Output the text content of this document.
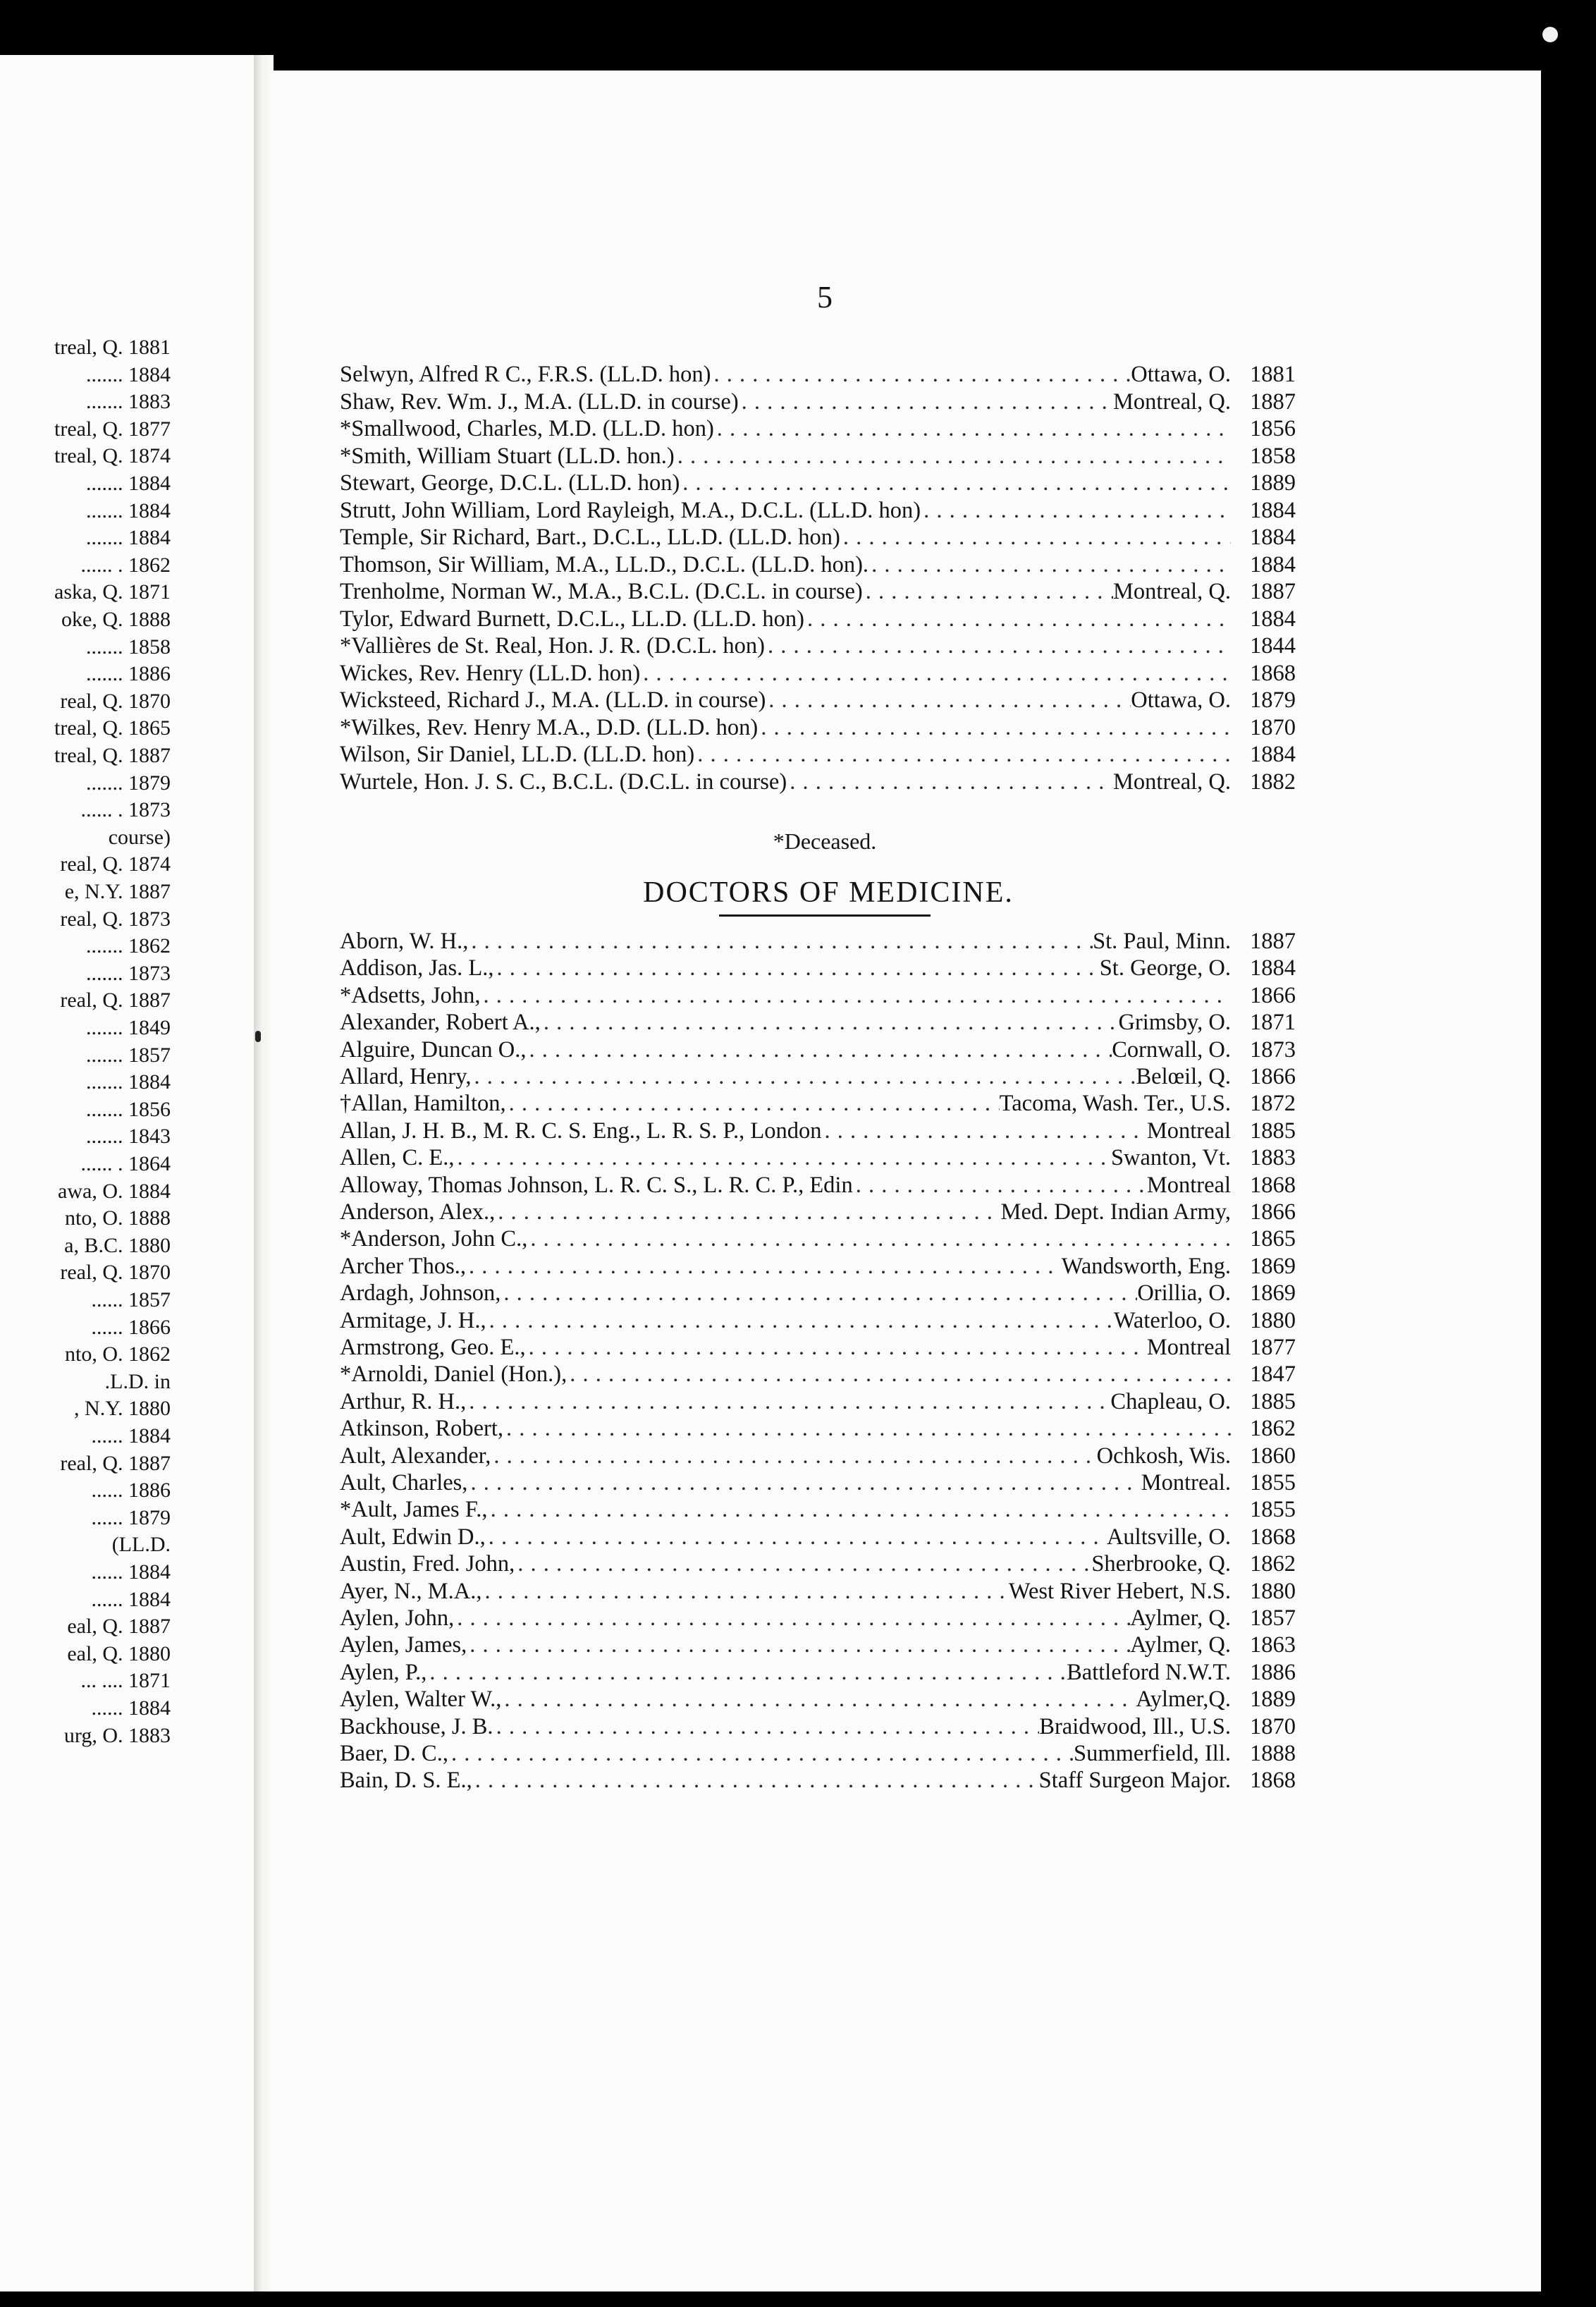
treal, Q. 1881
....... 1884
....... 1883
treal, Q. 1877
treal, Q. 1874
....... 1884
....... 1884
....... 1884
...... . 1862
aska, Q. 1871
oke, Q. 1888
....... 1858
....... 1886
real, Q. 1870
treal, Q. 1865
treal, Q. 1887
....... 1879
...... . 1873
course)
real, Q. 1874
e, N.Y. 1887
real, Q. 1873
....... 1862
....... 1873
real, Q. 1887
....... 1849
....... 1857
....... 1884
....... 1856
....... 1843
...... . 1864
awa, O. 1884
nto, O. 1888
a, B.C. 1880
real, Q. 1870
...... 1857
...... 1866
nto, O. 1862
.L.D. in
, N.Y. 1880
...... 1884
real, Q. 1887
...... 1886
...... 1879
(LL.D.
...... 1884
...... 1884
eal, Q. 1887
eal, Q. 1880
... .... 1871
...... 1884
urg, O. 1883
5
Selwyn, Alfred R C., F.R.S. (LL.D. hon) . . .	Ottawa, O. 1881
Shaw, Rev. Wm. J., M.A. (LL.D. in course) . . .	Montreal, Q. 1887
*Smallwood, Charles, M.D. (LL.D. hon) . . .	1856
*Smith, William Stuart (LL.D. hon.) . . .	1858
Stewart, George, D.C.L. (LL.D. hon) . . .	1889
Strutt, John William, Lord Rayleigh, M.A., D.C.L. (LL.D. hon) . . .	1884
Temple, Sir Richard, Bart., D.C.L., LL.D. (LL.D. hon) . . .	1884
Thomson, Sir William, M.A., LL.D., D.C.L. (LL.D. hon). . . .	1884
Trenholme, Norman W., M.A., B.C.L. (D.C.L. in course) . . .	Montreal, Q. 1887
Tylor, Edward Burnett, D.C.L., LL.D. (LL.D. hon) . . .	1884
*Vallières de St. Real, Hon. J. R. (D.C.L. hon) . . .	1844
Wickes, Rev. Henry (LL.D. hon) . . .	1868
Wicksteed, Richard J., M.A. (LL.D. in course) . . .	Ottawa, O. 1879
*Wilkes, Rev. Henry M.A., D.D. (LL.D. hon) . . .	1870
Wilson, Sir Daniel, LL.D. (LL.D. hon) . . .	1884
Wurtele, Hon. J. S. C., B.C.L. (D.C.L. in course) . . .	Montreal, Q. 1882
*Deceased.
DOCTORS OF MEDICINE.
Aborn, W. H., . . .	St. Paul, Minn. 1887
Addison, Jas. L., . . .	St. George, O. 1884
*Adsetts, John, . . .	1866
Alexander, Robert A., . . .	Grimsby, O. 1871
Alguire, Duncan O., . . .	Cornwall, O. 1873
Allard, Henry, . . .	Belœil, Q. 1866
†Allan, Hamilton, . . .	Tacoma, Wash. Ter., U.S. 1872
Allan, J. H. B., M. R. C. S. Eng., L. R. S. P., London . . .	Montreal 1885
Allen, C. E., . . .	Swanton, Vt. 1883
Alloway, Thomas Johnson, L. R. C. S., L. R. C. P., Edin . . .	Montreal 1868
Anderson, Alex., . . .	Med. Dept. Indian Army, 1866
*Anderson, John C., . . .	1865
Archer Thos., . . .	Wandsworth, Eng. 1869
Ardagh, Johnson, . . .	Orillia, O. 1869
Armitage, J. H., . . .	Waterloo, O. 1880
Armstrong, Geo. E., . . .	Montreal 1877
*Arnoldi, Daniel (Hon.), . . .	1847
Arthur, R. H., . . .	Chapleau, O. 1885
Atkinson, Robert, . . .	1862
Ault, Alexander, . . .	Ochkosh, Wis. 1860
Ault, Charles, . . .	Montreal. 1855
*Ault, James F., . . .	1855
Ault, Edwin D., . . .	Aultsville, O. 1868
Austin, Fred. John, . . .	Sherbrooke, Q. 1862
Ayer, N., M.A., . . .	West River Hebert, N.S. 1880
Aylen, John, . . .	Aylmer, Q. 1857
Aylen, James, . . .	Aylmer, Q. 1863
Aylen, P., . . .	Battleford N.W.T. 1886
Aylen, Walter W., . . .	Aylmer,Q. 1889
Backhouse, J. B. . . .	Braidwood, Ill., U.S. 1870
Baer, D. C., . . .	Summerfield, Ill. 1888
Bain, D. S. E., . . .	Staff Surgeon Major. 1868
